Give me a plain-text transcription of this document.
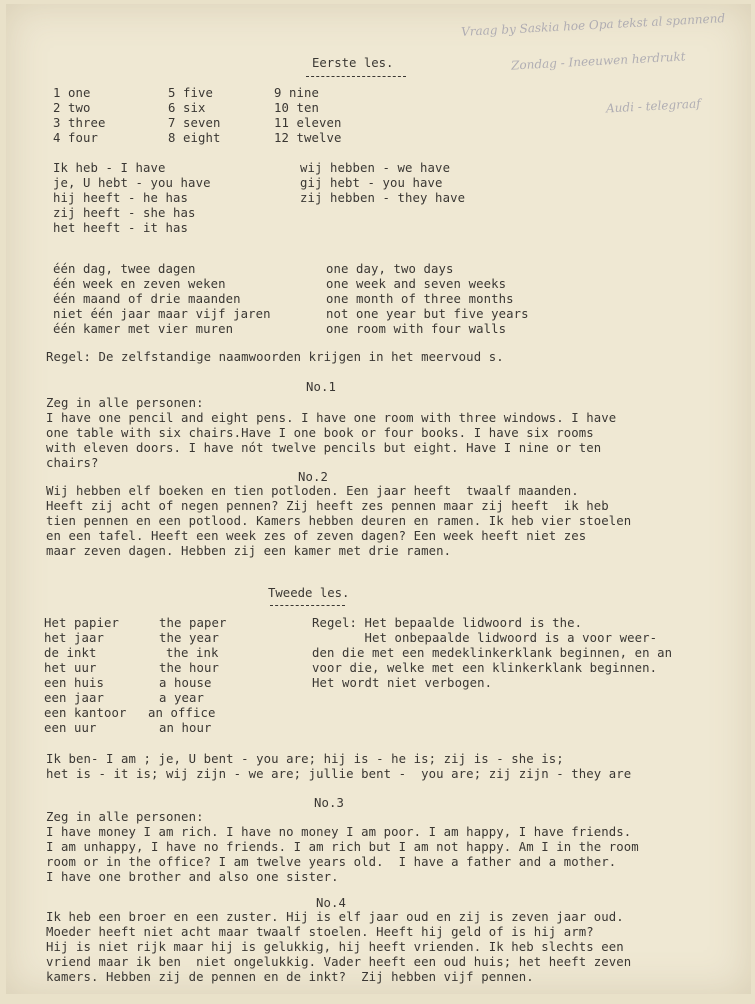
Vraag by Saskia hoe Opa tekst al spannend
Zondag - Ineeuwen herdrukt
Audi - telegraaf
Eerste les.
1 one
2 two
3 three
4 four
5 five
6 six
7 seven
8 eight
9 nine
10 ten
11 eleven
12 twelve
Ik heb - I have
je, U hebt - you have
hij heeft - he has
zij heeft - she has
het heeft - it has
wij hebben - we have
gij hebt - you have
zij hebben - they have
één dag, twee dagen
één week en zeven weken
één maand of drie maanden
niet één jaar maar vijf jaren
één kamer met vier muren
one day, two days
one week and seven weeks
one month of three months
not one year but five years
one room with four walls
Regel: De zelfstandige naamwoorden krijgen in het meervoud s.
No.1
Zeg in alle personen:
I have one pencil and eight pens. I have one room with three windows. I have
one table with six chairs.Have I one book or four books. I have six rooms
with eleven doors. I have nót twelve pencils but eight. Have I nine or ten
chairs?
No.2
Wij hebben elf boeken en tien potloden. Een jaar heeft  twaalf maanden.
Heeft zij acht of negen pennen? Zij heeft zes pennen maar zij heeft  ik heb
tien pennen en een potlood. Kamers hebben deuren en ramen. Ik heb vier stoelen
en een tafel. Heeft een week zes of zeven dagen? Een week heeft niet zes
maar zeven dagen. Hebben zij een kamer met drie ramen.
Tweede les.
Het papier
het jaar
de inkt
het uur
een huis
een jaar
een kantoor
een uur
the paper
the year
the ink
the hour
a house
a year
an office
an hour
Regel: Het bepaalde lidwoord is the.
Het onbepaalde lidwoord is a voor weer-
den die met een medeklinkerklank beginnen, en an
voor die, welke met een klinkerklank beginnen.
Het wordt niet verbogen.
Ik ben- I am ; je, U bent - you are; hij is - he is; zij is - she is;
het is - it is; wij zijn - we are; jullie bent -  you are; zij zijn - they are
No.3
Zeg in alle personen:
I have money I am rich. I have no money I am poor. I am happy, I have friends.
I am unhappy, I have no friends. I am rich but I am not happy. Am I in the room
room or in the office? I am twelve years old.  I have a father and a mother.
I have one brother and also one sister.
No.4
Ik heb een broer en een zuster. Hij is elf jaar oud en zij is zeven jaar oud.
Moeder heeft niet acht maar twaalf stoelen. Heeft hij geld of is hij arm?
Hij is niet rijk maar hij is gelukkig, hij heeft vrienden. Ik heb slechts een
vriend maar ik ben  niet ongelukkig. Vader heeft een oud huis; het heeft zeven
kamers. Hebben zij de pennen en de inkt?  Zij hebben vijf pennen.
